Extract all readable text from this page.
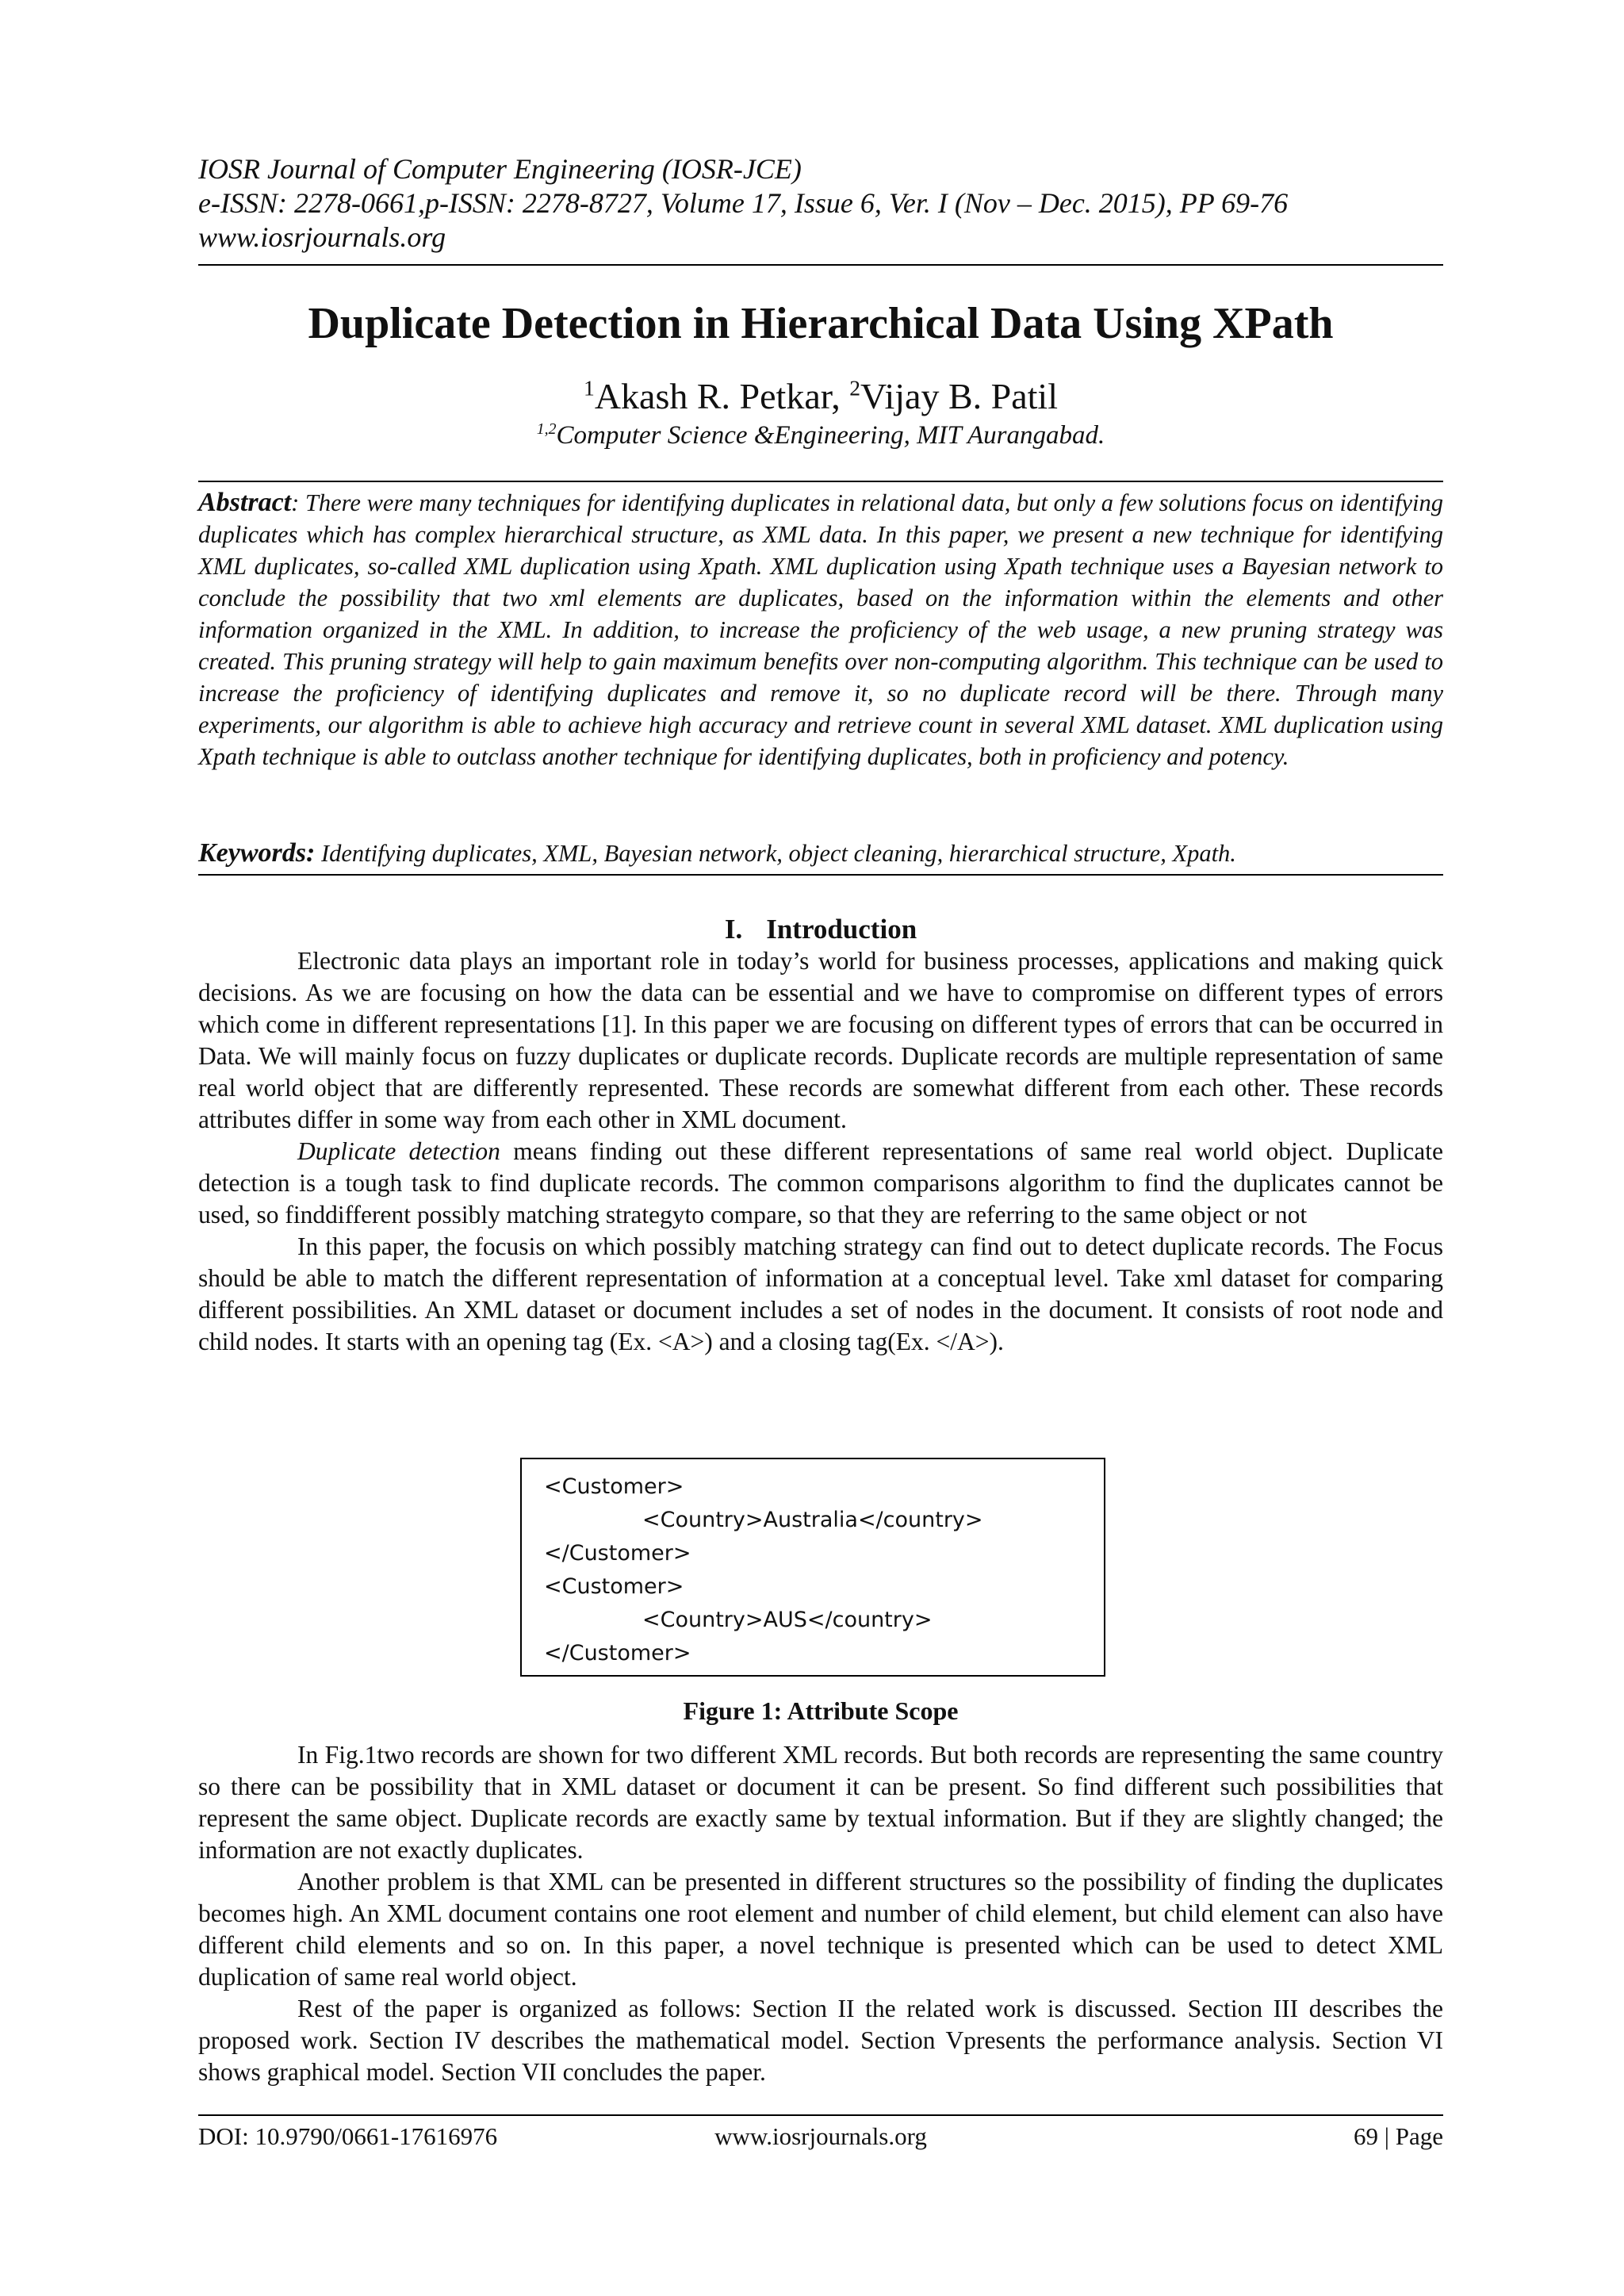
IOSR Journal of Computer Engineering (IOSR-JCE)
e-ISSN: 2278-0661,p-ISSN: 2278-8727, Volume 17, Issue 6, Ver. I (Nov – Dec. 2015), PP 69-76
www.iosrjournals.org
Duplicate Detection in Hierarchical Data Using XPath
$^1$Akash R. Petkar, $^2$Vijay B. Patil
$^{1,2}$Computer Science &Engineering, MIT Aurangabad.
Abstract: There were many techniques for identifying duplicates in relational data, but only a few solutions focus on identifying duplicates which has complex hierarchical structure, as XML data. In this paper, we present a new technique for identifying XML duplicates, so-called XML duplication using Xpath. XML duplication using Xpath technique uses a Bayesian network to conclude the possibility that two xml elements are duplicates, based on the information within the elements and other information organized in the XML. In addition, to increase the proficiency of the web usage, a new pruning strategy was created. This pruning strategy will help to gain maximum benefits over non-computing algorithm. This technique can be used to increase the proficiency of identifying duplicates and remove it, so no duplicate record will be there. Through many experiments, our algorithm is able to achieve high accuracy and retrieve count in several XML dataset. XML duplication using Xpath technique is able to outclass another technique for identifying duplicates, both in proficiency and potency.
Keywords: Identifying duplicates, XML, Bayesian network, object cleaning, hierarchical structure, Xpath.
I. Introduction

Electronic data plays an important role in today’s world for business processes, applications and making quick decisions. As we are focusing on how the data can be essential and we have to compromise on different types of errors which come in different representations [1]. In this paper we are focusing on different types of errors that can be occurred in Data. We will mainly focus on fuzzy duplicates or duplicate records. Duplicate records are multiple representation of same real world object that are differently represented. These records are somewhat different from each other. These records attributes differ in some way from each other in XML document.

Duplicate detection means finding out these different representations of same real world object. Duplicate detection is a tough task to find duplicate records. The common comparisons algorithm to find the duplicates cannot be used, so finddifferent possibly matching strategyto compare, so that they are referring to the same object or not

In this paper, the focusis on which possibly matching strategy can find out to detect duplicate records. The Focus should be able to match the different representation of information at a conceptual level. Take xml dataset for comparing different possibilities. An XML dataset or document includes a set of nodes in the document. It consists of root node and child nodes. It starts with an opening tag (Ex. <A>) and a closing tag(Ex. </A>).

<Customer>
<Country>Australia</country>
</Customer>
<Customer>
<Country>AUS</country>
</Customer>
Figure 1: Attribute Scope

In Fig.1two records are shown for two different XML records. But both records are representing the same country so there can be possibility that in XML dataset or document it can be present. So find different such possibilities that represent the same object. Duplicate records are exactly same by textual information. But if they are slightly changed; the information are not exactly duplicates.

Another problem is that XML can be presented in different structures so the possibility of finding the duplicates becomes high. An XML document contains one root element and number of child element, but child element can also have different child elements and so on. In this paper, a novel technique is presented which can be used to detect XML duplication of same real world object.

Rest of the paper is organized as follows: Section II the related work is discussed. Section III describes the proposed work. Section IV describes the mathematical model. Section Vpresents the performance analysis. Section VI shows graphical model. Section VII concludes the paper.

DOI: 10.9790/0661-17616976	www.iosrjournals.org	69 | Page
